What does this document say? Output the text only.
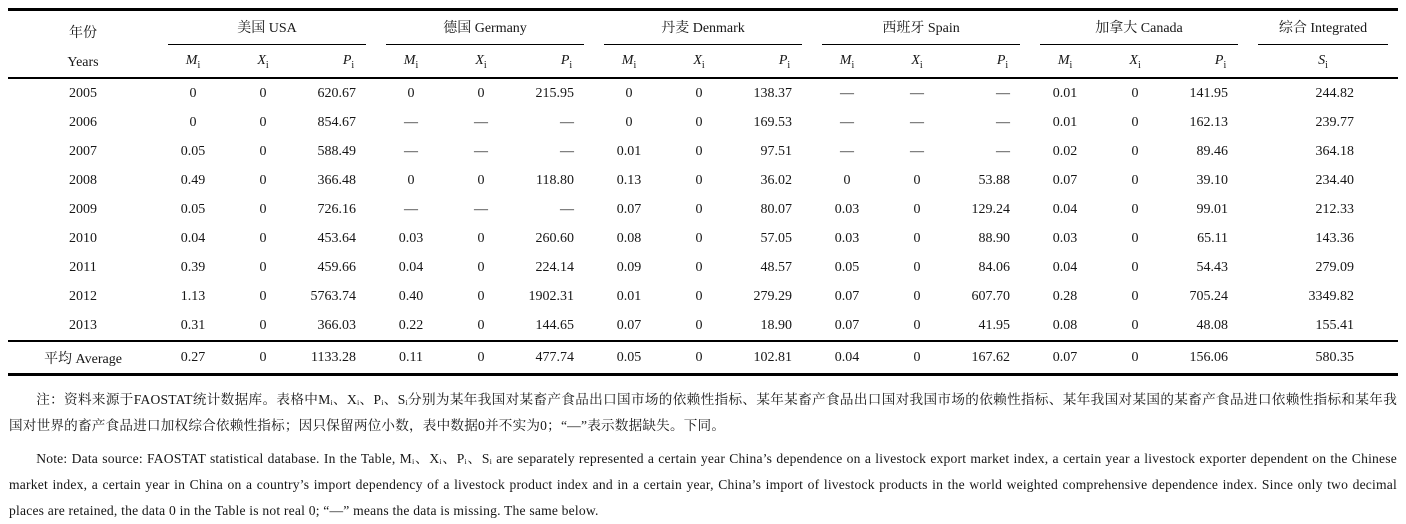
年份
Years	美国 USA			德国 Germany			丹麦 Denmark			西班牙 Spain			加拿大 Canada			综合 Integrated

	$M_i$	$X_i$	$P_i$	$M_i$	$X_i$	$P_i$	$M_i$	$X_i$	$P_i$	$M_i$	$X_i$	$P_i$	$M_i$	$X_i$	$P_i$	$S_i$
2005	0	0	620.67	0	0	215.95	0	0	138.37	—	—	—	0.01	0	141.95	244.82
2006	0	0	854.67	—	—	—	0	0	169.53	—	—	—	0.01	0	162.13	239.77
2007	0.05	0	588.49	—	—	—	0.01	0	97.51	—	—	—	0.02	0	89.46	364.18
2008	0.49	0	366.48	0	0	118.80	0.13	0	36.02	0	0	53.88	0.07	0	39.10	234.40
2009	0.05	0	726.16	—	—	—	0.07	0	80.07	0.03	0	129.24	0.04	0	99.01	212.33
2010	0.04	0	453.64	0.03	0	260.60	0.08	0	57.05	0.03	0	88.90	0.03	0	65.11	143.36
2011	0.39	0	459.66	0.04	0	224.14	0.09	0	48.57	0.05	0	84.06	0.04	0	54.43	279.09
2012	1.13	0	5763.74	0.40	0	1902.31	0.01	0	279.29	0.07	0	607.70	0.28	0	705.24	3349.82
2013	0.31	0	366.03	0.22	0	144.65	0.07	0	18.90	0.07	0	41.95	0.08	0	48.08	155.41
平均 Average	0.27	0	1133.28	0.11	0	477.74	0.05	0	102.81	0.04	0	167.62	0.07	0	156.06	580.35

注：资料来源于FAOSTAT统计数据库。表格中Mᵢ、Xᵢ、Pᵢ、Sᵢ分别为某年我国对某畜产食品出口国市场的依赖性指标、某年某畜产食品出口国对我国市场的依赖性指标、某年我国对某国的某畜产食品进口依赖性指标和某年我国对世界的畜产食品进口加权综合依赖性指标；因只保留两位小数，表中数据0并不实为0；“—”表示数据缺失。下同。

Note: Data source: FAOSTAT statistical database. In the Table, Mᵢ、Xᵢ、Pᵢ、Sᵢ are separately represented a certain year China’s dependence on a livestock export market index, a certain year a livestock exporter dependent on the Chinese market index, a certain year in China on a country’s import dependency of a livestock product index and in a certain year, China’s import of livestock products in the world weighted comprehensive dependence index. Since only two decimal places are retained, the data 0 in the Table is not real 0; “—” means the data is missing. The same below.
